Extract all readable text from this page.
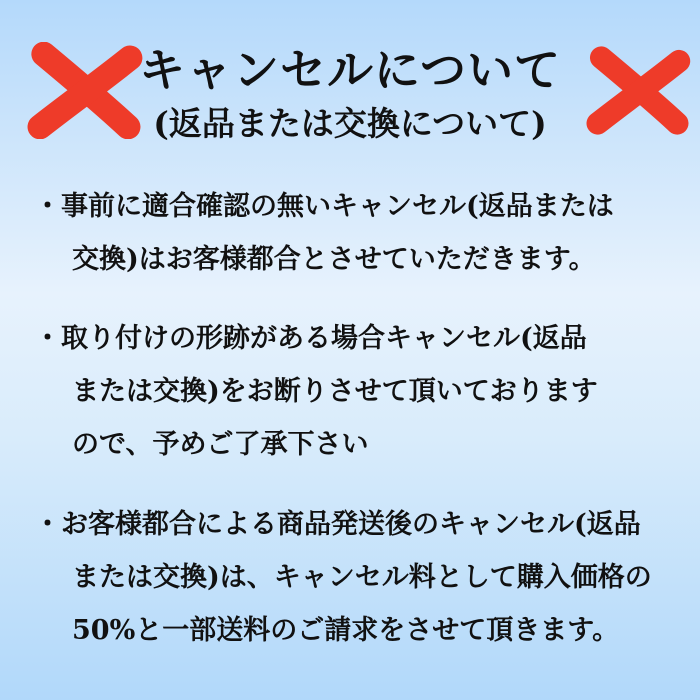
キャンセルについて
(返品または交換について)
・事前に適合確認の無いキャンセル(返品または
交換)はお客様都合とさせていただきます。
・取り付けの形跡がある場合キャンセル(返品
または交換)をお断りさせて頂いております
ので、予めご了承下さい
・お客様都合による商品発送後のキャンセル(返品
または交換)は、キャンセル料として購入価格の
50%と一部送料のご請求をさせて頂きます。
